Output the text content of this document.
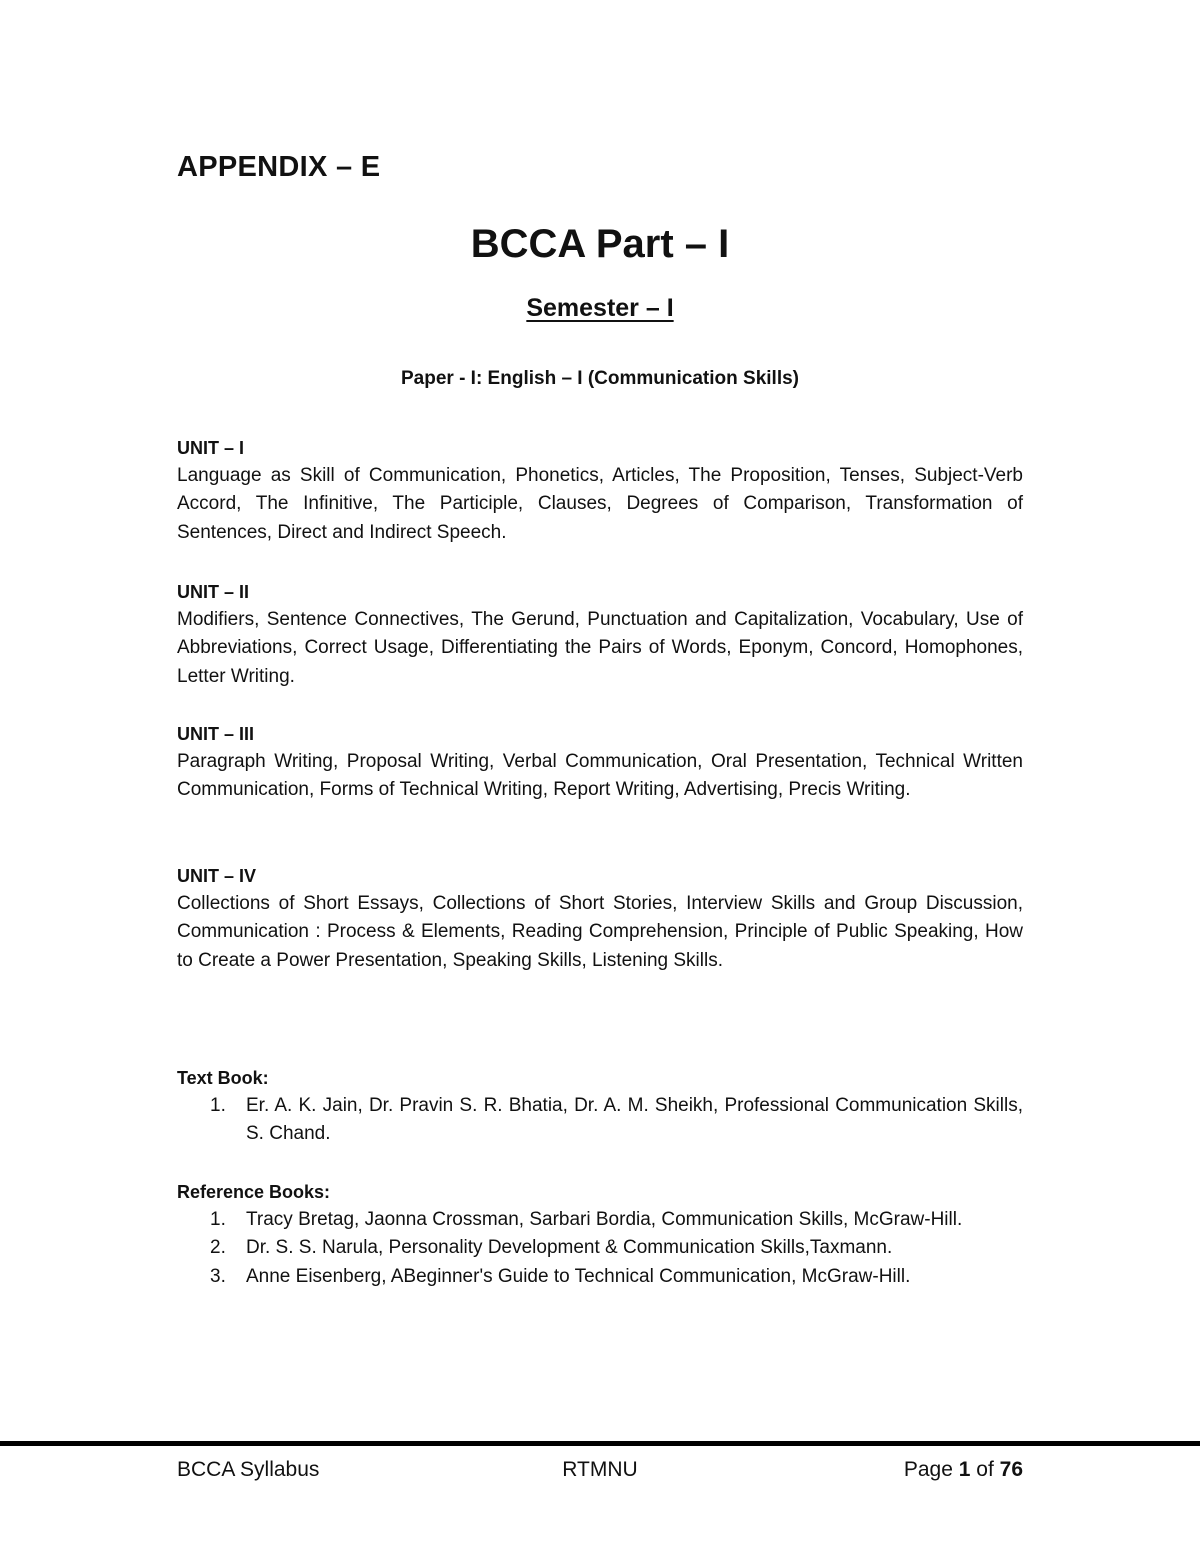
APPENDIX – E
BCCA Part – I
Semester – I

Paper - I: English – I (Communication Skills)

UNIT – I

Language as Skill of Communication, Phonetics, Articles, The Proposition, Tenses, Subject-Verb Accord, The Infinitive, The Participle, Clauses, Degrees of Comparison, Transformation of Sentences, Direct and Indirect Speech.

UNIT – II

Modifiers, Sentence Connectives, The Gerund, Punctuation and Capitalization, Vocabulary, Use of Abbreviations, Correct Usage, Differentiating the Pairs of Words, Eponym, Concord, Homophones, Letter Writing.

UNIT – III

Paragraph Writing, Proposal Writing, Verbal Communication, Oral Presentation, Technical Written Communication, Forms of Technical Writing, Report Writing, Advertising, Precis Writing.

UNIT – IV

Collections of Short Essays, Collections of Short Stories, Interview Skills and Group Discussion, Communication : Process & Elements, Reading Comprehension, Principle of Public Speaking, How to Create a Power Presentation, Speaking Skills, Listening Skills.

Text Book:

1. Er. A. K. Jain, Dr. Pravin S. R. Bhatia, Dr. A. M. Sheikh, Professional Communication Skills, S. Chand.

Reference Books:

1. Tracy Bretag, Jaonna Crossman, Sarbari Bordia, Communication Skills, McGraw-Hill.
2. Dr. S. S. Narula, Personality Development & Communication Skills,Taxmann.
3. Anne Eisenberg, ABeginner's Guide to Technical Communication, McGraw-Hill.
BCCA Syllabus	RTMNU	Page 1 of 76
